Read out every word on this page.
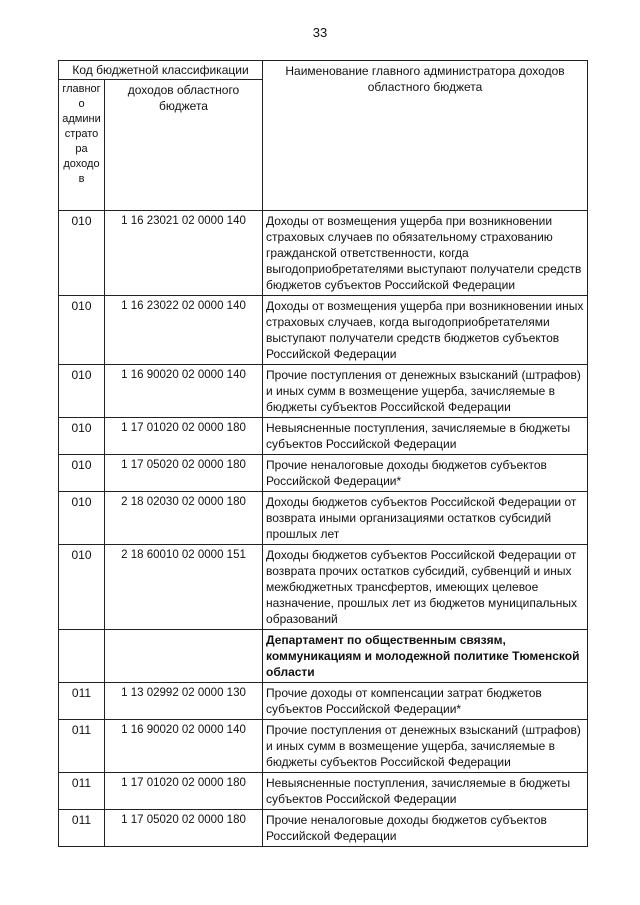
33
Код бюджетной классификации		Наименование главного администратора доходов областного бюджета
главного администратора доходов	доходов областного бюджета	
010	1 16 23021 02 0000 140	Доходы от возмещения ущерба при возникновении страховых случаев по обязательному страхованию гражданской ответственности, когда выгодоприобретателями выступают получатели средств бюджетов субъектов Российской Федерации
010	1 16 23022 02 0000 140	Доходы от возмещения ущерба при возникновении иных страховых случаев, когда выгодоприобретателями выступают получатели средств бюджетов субъектов Российской Федерации
010	1 16 90020 02 0000 140	Прочие поступления от денежных взысканий (штрафов) и иных сумм в возмещение ущерба, зачисляемые в бюджеты субъектов Российской Федерации
010	1 17 01020 02 0000 180	Невыясненные поступления, зачисляемые в бюджеты субъектов Российской Федерации
010	1 17 05020 02 0000 180	Прочие неналоговые доходы бюджетов субъектов Российской Федерации*
010	2 18 02030 02 0000 180	Доходы бюджетов субъектов Российской Федерации от возврата иными организациями остатков субсидий прошлых лет
010	2 18 60010 02 0000 151	Доходы бюджетов субъектов Российской Федерации от возврата прочих остатков субсидий, субвенций и иных межбюджетных трансфертов, имеющих целевое назначение, прошлых лет из бюджетов муниципальных образований
		Департамент по общественным связям, коммуникациям и молодежной политике Тюменской области
011	1 13 02992 02 0000 130	Прочие доходы от компенсации затрат бюджетов субъектов Российской Федерации*
011	1 16 90020 02 0000 140	Прочие поступления от денежных взысканий (штрафов) и иных сумм в возмещение ущерба, зачисляемые в бюджеты субъектов Российской Федерации
011	1 17 01020 02 0000 180	Невыясненные поступления, зачисляемые в бюджеты субъектов Российской Федерации
011	1 17 05020 02 0000 180	Прочие неналоговые доходы бюджетов субъектов Российской Федерации
